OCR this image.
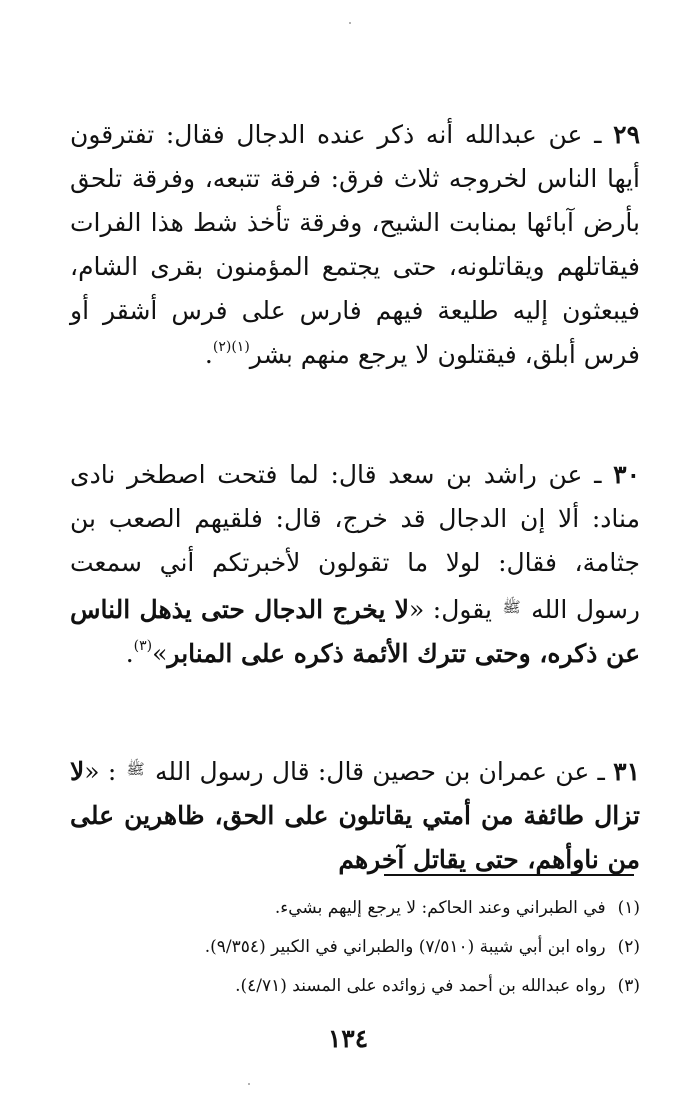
٢٩ ـ عن عبدالله أنه ذكر عنده الدجال فقال: تفترقون أيها الناس لخروجه ثلاث فرق: فرقة تتبعه، وفرقة تلحق بأرض آبائها بمنابت الشيح، وفرقة تأخذ شط هذا الفرات فيقاتلهم ويقاتلونه، حتى يجتمع المؤمنون بقرى الشام، فيبعثون إليه طليعة فيهم فارس على فرس أشقر أو فرس أبلق، فيقتلون لا يرجع منهم بشر$^{(١)(٢)}$.

٣٠ ـ عن راشد بن سعد قال: لما فتحت اصطخر نادى مناد: ألا إن الدجال قد خرج، قال: فلقيهم الصعب بن جثامة، فقال: لولا ما تقولون لأخبرتكم أني سمعت رسول الله ﷺ يقول: «لا يخرج الدجال حتى يذهل الناس عن ذكره، وحتى تترك الأئمة ذكره على المنابر»$^{(٣)}$.

٣١ ـ عن عمران بن حصين قال: قال رسول الله ﷺ : «لا تزال طائفة من أمتي يقاتلون على الحق، ظاهرين على من ناوأهم، حتى يقاتل آخرهم

(١)في الطبراني وعند الحاكم: لا يرجع إليهم بشيء.
(٢)رواه ابن أبي شيبة (٧/٥١٠) والطبراني في الكبير (٩/٣٥٤).
(٣)رواه عبدالله بن أحمد في زوائده على المسند (٤/٧١).
١٣٤
